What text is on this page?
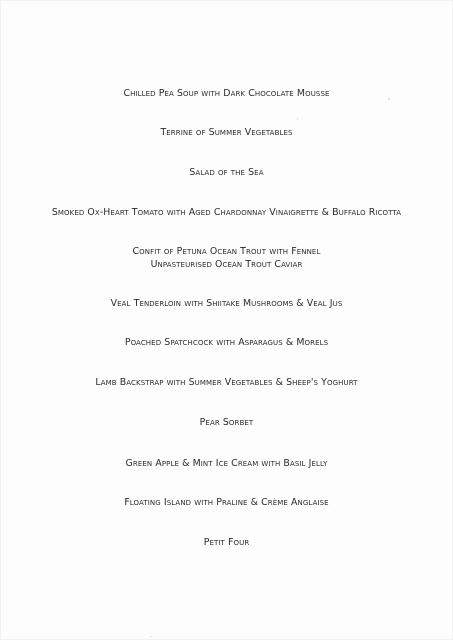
Chilled Pea Soup with Dark Chocolate Mousse
Terrine of Summer Vegetables
Salad of the Sea
Smoked Ox-Heart Tomato with Aged Chardonnay Vinaigrette & Buffalo Ricotta
Confit of Petuna Ocean Trout with Fennel
Unpasteurised Ocean Trout Caviar
Veal Tenderloin with Shiitake Mushrooms & Veal Jus
Poached Spatchcock with Asparagus & Morels
Lamb Backstrap with Summer Vegetables & Sheep's Yoghurt
Pear Sorbet
Green Apple & Mint Ice Cream with Basil Jelly
Floating Island with Praline & Crème Anglaise
Petit Four
